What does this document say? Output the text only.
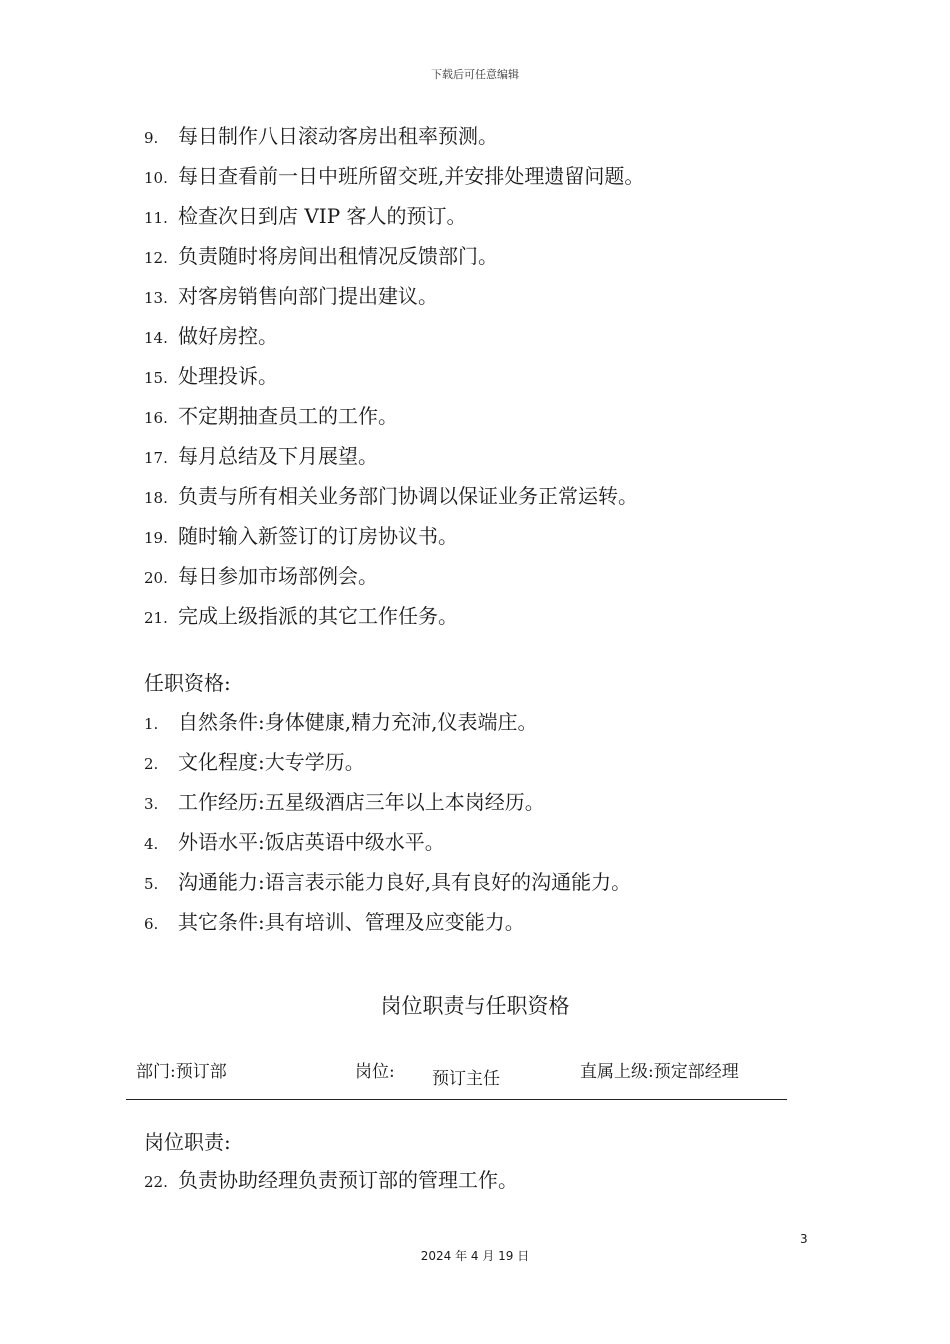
下载后可任意编辑
9. 每日制作八日滚动客房出租率预测。
10. 每日查看前一日中班所留交班,并安排处理遗留问题。
11. 检查次日到店 VIP 客人的预订。
12. 负责随时将房间出租情况反馈部门。
13. 对客房销售向部门提出建议。
14. 做好房控。
15. 处理投诉。
16. 不定期抽查员工的工作。
17. 每月总结及下月展望。
18. 负责与所有相关业务部门协调以保证业务正常运转。
19. 随时输入新签订的订房协议书。
20. 每日参加市场部例会。
21. 完成上级指派的其它工作任务。
任职资格:
1. 自然条件:身体健康,精力充沛,仪表端庄。
2. 文化程度:大专学历。
3. 工作经历:五星级酒店三年以上本岗经历。
4. 外语水平:饭店英语中级水平。
5. 沟通能力:语言表示能力良好,具有良好的沟通能力。
6. 其它条件:具有培训、管理及应变能力。
岗位职责与任职资格
部门:预订部	岗位: 预订主任	直属上级:预定部经理
岗位职责:
22. 负责协助经理负责预订部的管理工作。
3
2024 年 4 月 19 日
